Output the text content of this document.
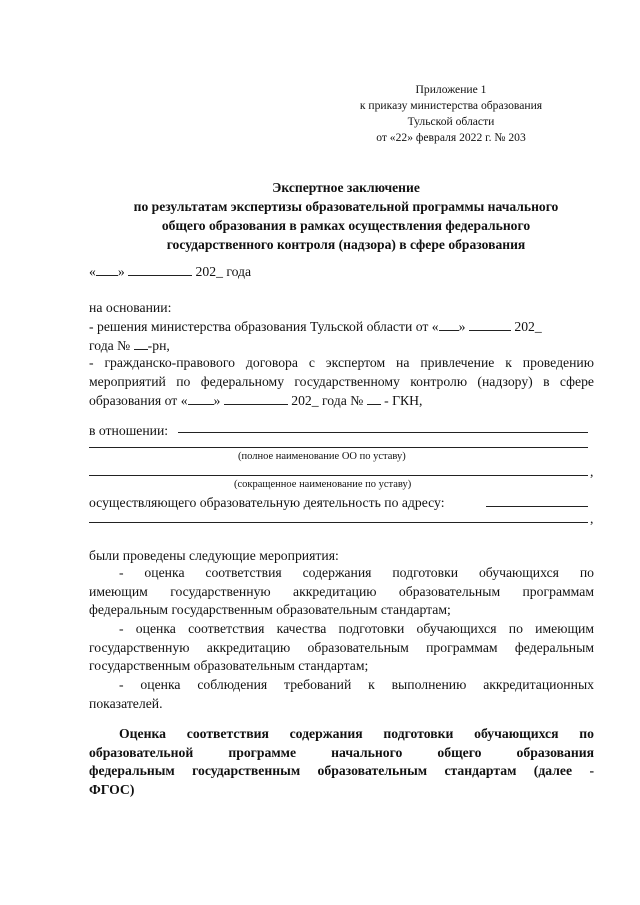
Приложение 1
к приказу министерства образования
Тульской области
от «22» февраля 2022 г. № 203
Экспертное заключение
по результатам экспертизы образовательной программы начального
общего образования в рамках осуществления федерального
государственного контроля (надзора) в сфере образования
« »	202_ года
на основании:
- решения министерства образования Тульской области от « »	202_
года № -рн,
- гражданско-правового договора с экспертом на привлечение к проведению
мероприятий по федеральному государственному контролю (надзору) в сфере
образования от « »	202_ года № - ГКН,
в отношении:
(полное наименование ОО по уставу)
,
(сокращенное наименование по уставу)
осуществляющего образовательную деятельность по адресу:
,
были проведены следующие мероприятия:
- оценка соответствия содержания подготовки обучающихся по
имеющим государственную аккредитацию образовательным программам
федеральным государственным образовательным стандартам;
- оценка соответствия качества подготовки обучающихся по имеющим
государственную аккредитацию образовательным программам федеральным
государственным образовательным стандартам;
- оценка соблюдения требований к выполнению аккредитационных
показателей.
Оценка соответствия содержания подготовки обучающихся по
образовательной программе начального общего образования
федеральным государственным образовательным стандартам (далее -
ФГОС)
